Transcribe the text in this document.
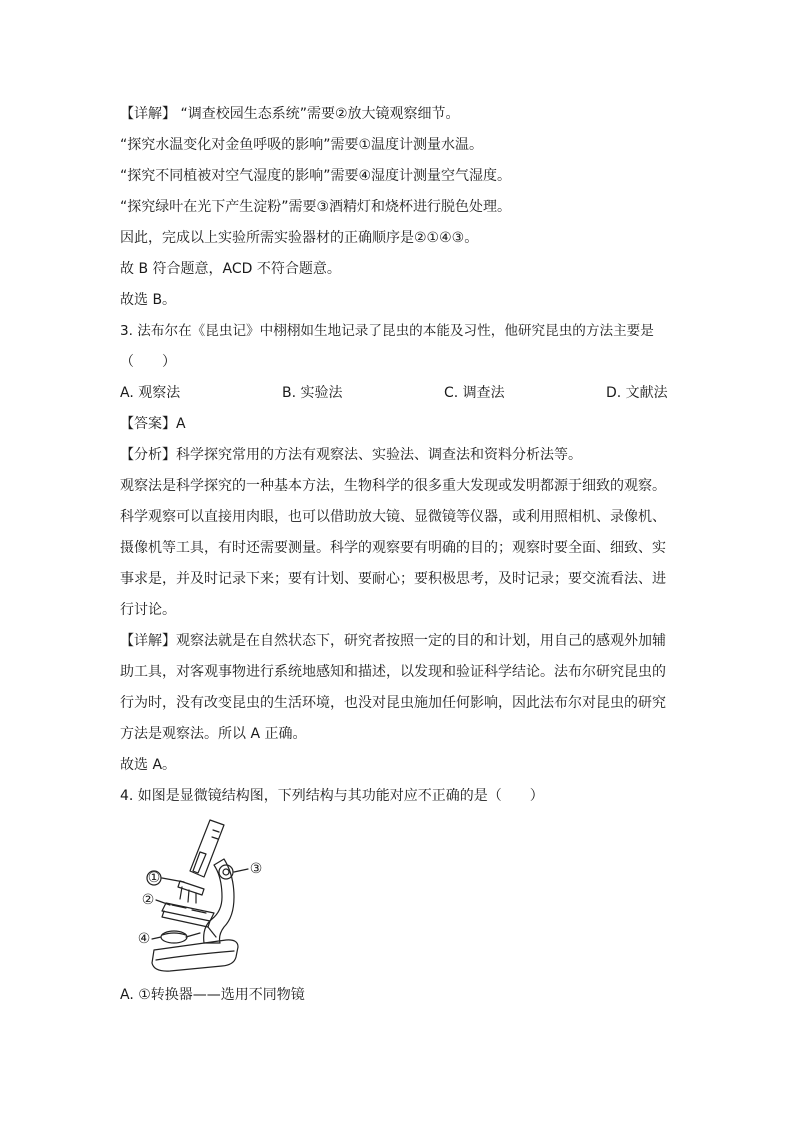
【详解】 “调查校园生态系统”需要②放大镜观察细节。
“探究水温变化对金鱼呼吸的影响”需要①温度计测量水温。
“探究不同植被对空气湿度的影响”需要④湿度计测量空气湿度。
“探究绿叶在光下产生淀粉”需要③酒精灯和烧杯进行脱色处理。
因此，完成以上实验所需实验器材的正确顺序是②①④③。
故 B 符合题意，ACD 不符合题意。
故选 B。
3. 法布尔在《昆虫记》中栩栩如生地记录了昆虫的本能及习性，他研究昆虫的方法主要是
（　　）
A. 观察法	B. 实验法	C. 调查法	D. 文献法
【答案】A
【分析】科学探究常用的方法有观察法、实验法、调查法和资料分析法等。
观察法是科学探究的一种基本方法，生物科学的很多重大发现或发明都源于细致的观察。
科学观察可以直接用肉眼，也可以借助放大镜、显微镜等仪器，或利用照相机、录像机、
摄像机等工具，有时还需要测量。科学的观察要有明确的目的；观察时要全面、细致、实
事求是，并及时记录下来；要有计划、要耐心；要积极思考，及时记录；要交流看法、进
行讨论。
【详解】观察法就是在自然状态下，研究者按照一定的目的和计划，用自己的感观外加辅
助工具，对客观事物进行系统地感知和描述，以发现和验证科学结论。法布尔研究昆虫的
行为时，没有改变昆虫的生活环境，也没对昆虫施加任何影响，因此法布尔对昆虫的研究
方法是观察法。所以 A 正确。
故选 A。
4. 如图是显微镜结构图，下列结构与其功能对应不正确的是（　　）
A. ①转换器——选用不同物镜
①
②
③
④
